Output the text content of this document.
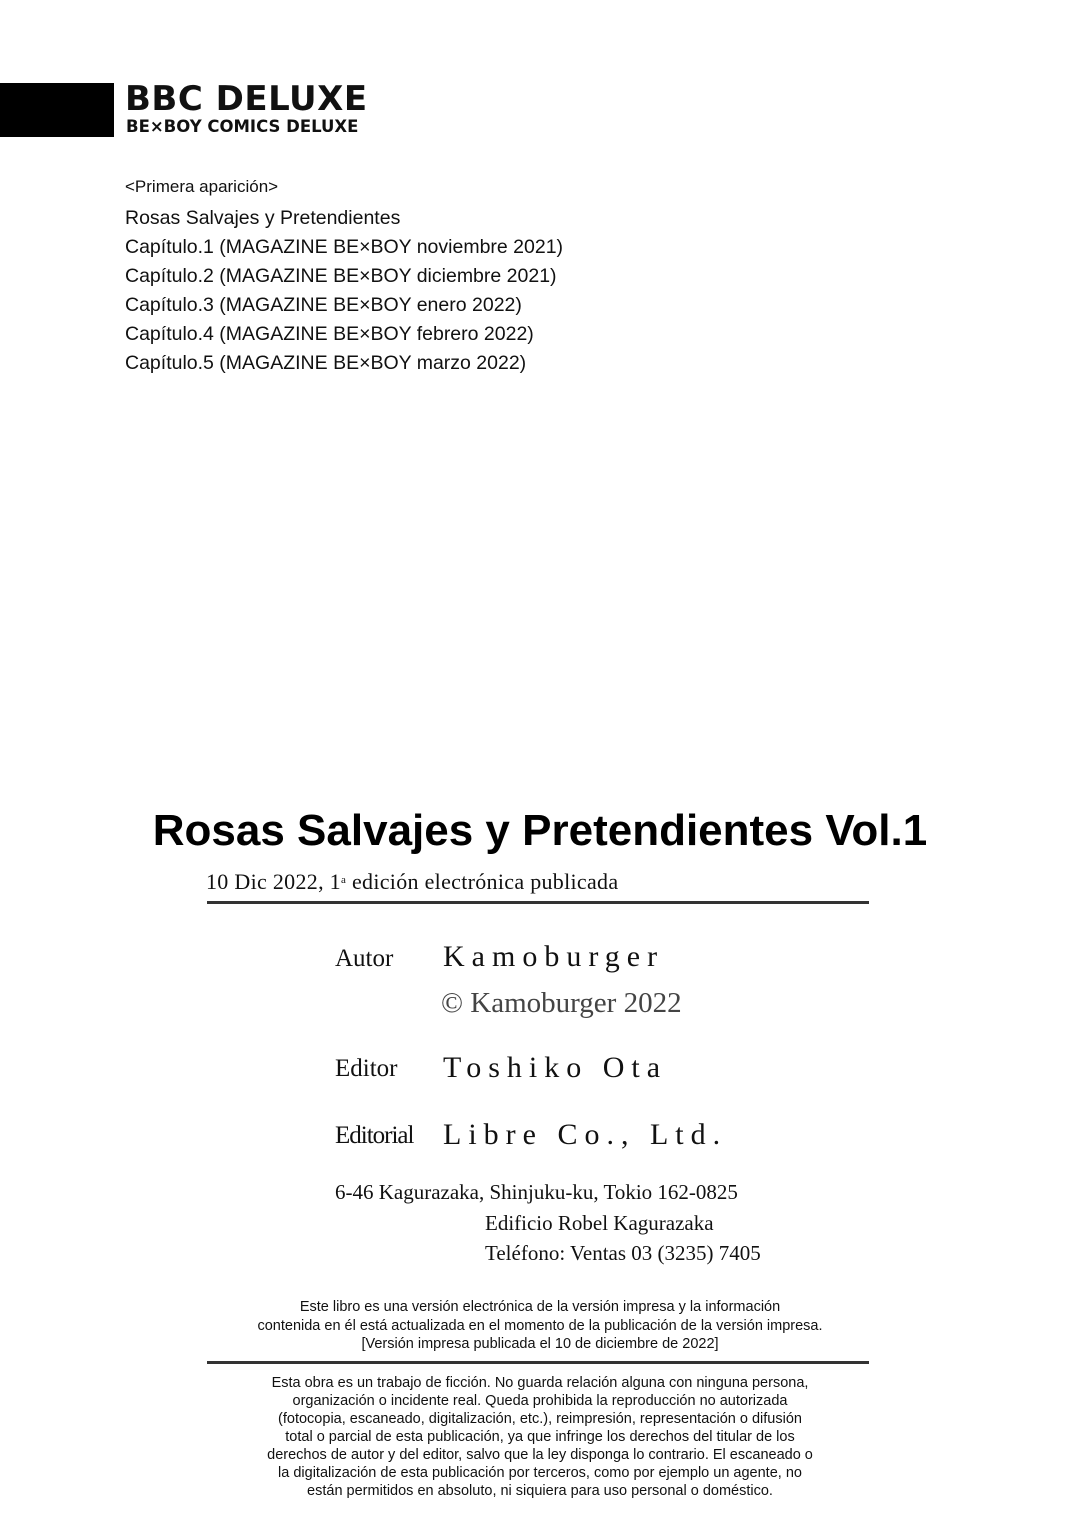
BBC DELUXE
BE×BOY COMICS DELUXE
<Primera aparición>
Rosas Salvajes y Pretendientes
Capítulo.1 (MAGAZINE BE×BOY noviembre 2021)
Capítulo.2 (MAGAZINE BE×BOY diciembre 2021)
Capítulo.3 (MAGAZINE BE×BOY enero 2022)
Capítulo.4 (MAGAZINE BE×BOY febrero 2022)
Capítulo.5 (MAGAZINE BE×BOY marzo 2022)
Rosas Salvajes y Pretendientes Vol.1
10 Dic 2022, 1$^a$ edición electrónica publicada
Autor Kamoburger
© Kamoburger 2022
Editor Toshiko Ota
Editorial Libre Co., Ltd.
6-46 Kagurazaka, Shinjuku-ku, Tokio 162-0825
Edificio Robel Kagurazaka
Teléfono: Ventas 03 (3235) 7405
Este libro es una versión electrónica de la versión impresa y la información
contenida en él está actualizada en el momento de la publicación de la versión impresa.
[Versión impresa publicada el 10 de diciembre de 2022]
Esta obra es un trabajo de ficción. No guarda relación alguna con ninguna persona,
organización o incidente real. Queda prohibida la reproducción no autorizada
(fotocopia, escaneado, digitalización, etc.), reimpresión, representación o difusión
total o parcial de esta publicación, ya que infringe los derechos del titular de los
derechos de autor y del editor, salvo que la ley disponga lo contrario. El escaneado o
la digitalización de esta publicación por terceros, como por ejemplo un agente, no
están permitidos en absoluto, ni siquiera para uso personal o doméstico.
